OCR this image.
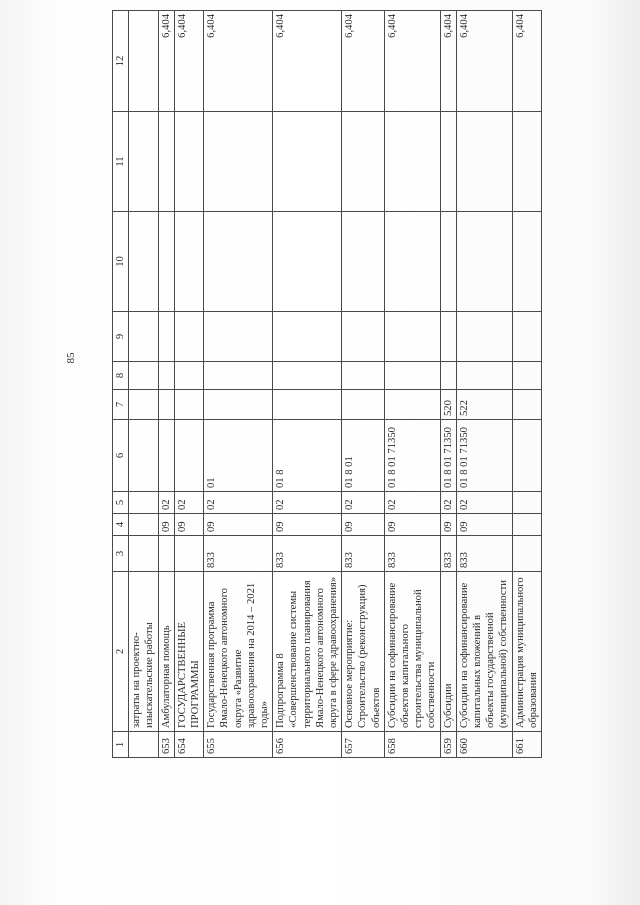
85
1	2	3	4	5	6	7	8	9	10	11	12
	затраты на проектно-изыскательские работы										
653	Амбулаторная помощь		09	02							6,404
654	ГОСУДАРСТВЕННЫЕ ПРОГРАММЫ		09	02							6,404
655	Государственная программа Ямало-Ненецкого автономного округа «Развитие здравоохранения на 2014 – 2021 годы»	833	09	02	01						6,404
656	Подпрограмма 8 «Совершенствование системы территориального планирования Ямало-Ненецкого автономного округа в сфере здравоохранения»	833	09	02	01 8						6,404
657	Основное мероприятие: Строительство (реконструкция) объектов	833	09	02	01 8 01						6,404
658	Субсидии на софинансирование объектов капитального строительства муниципальной собственности	833	09	02	01 8 01 71350						6,404
659	Субсидии	833	09	02	01 8 01 71350	520					6,404
660	Субсидии на софинансирование капитальных вложений в объекты государственной (муниципальной) собственности	833	09	02	01 8 01 71350	522					6,404
661	Администрация муниципального образования										6,404
